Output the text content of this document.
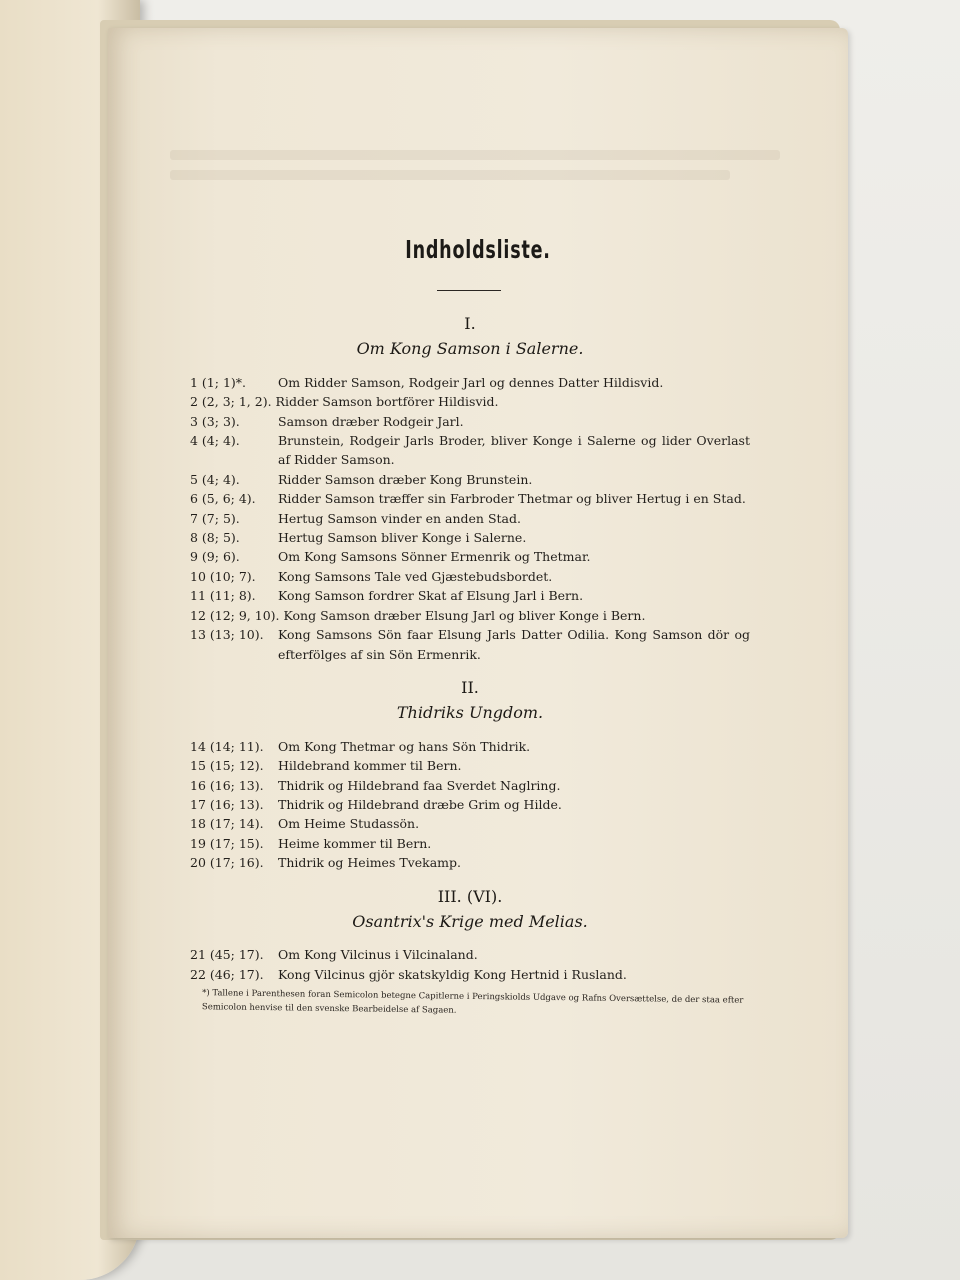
Indholdsliste.
I.
Om Kong Samson i Salerne.
1 (1; 1)*.	Om Ridder Samson, Rodgeir Jarl og dennes Datter Hildisvid.
2 (2, 3; 1, 2). Ridder Samson bortförer Hildisvid.
3 (3; 3).	Samson dræber Rodgeir Jarl.
4 (4; 4).	Brunstein, Rodgeir Jarls Broder, bliver Konge i Salerne og lider Overlast af Ridder Samson.
5 (4; 4).	Ridder Samson dræber Kong Brunstein.
6 (5, 6; 4).	Ridder Samson træffer sin Farbroder Thetmar og bliver Hertug i en Stad.
7 (7; 5).	Hertug Samson vinder en anden Stad.
8 (8; 5).	Hertug Samson bliver Konge i Salerne.
9 (9; 6).	Om Kong Samsons Sönner Ermenrik og Thetmar.
10 (10; 7).	Kong Samsons Tale ved Gjæstebudsbordet.
11 (11; 8).	Kong Samson fordrer Skat af Elsung Jarl i Bern.
12 (12; 9, 10). Kong Samson dræber Elsung Jarl og bliver Konge i Bern.
13 (13; 10).	Kong Samsons Sön faar Elsung Jarls Datter Odilia. Kong Samson dör og efterfölges af sin Sön Ermenrik.
II.
Thidriks Ungdom.
14 (14; 11).	Om Kong Thetmar og hans Sön Thidrik.
15 (15; 12).	Hildebrand kommer til Bern.
16 (16; 13).	Thidrik og Hildebrand faa Sverdet Naglring.
17 (16; 13).	Thidrik og Hildebrand dræbe Grim og Hilde.
18 (17; 14).	Om Heime Studassön.
19 (17; 15).	Heime kommer til Bern.
20 (17; 16).	Thidrik og Heimes Tvekamp.
III. (VI).
Osantrix's Krige med Melias.
21 (45; 17).	Om Kong Vilcinus i Vilcinaland.
22 (46; 17).	Kong Vilcinus gjör skatskyldig Kong Hertnid i Rusland.
*) Tallene i Parenthesen foran Semicolon betegne Capitlerne i Peringskiolds Udgave og Rafns Oversættelse, de der staa efter Semicolon henvise til den svenske Bearbeidelse af Sagaen.
